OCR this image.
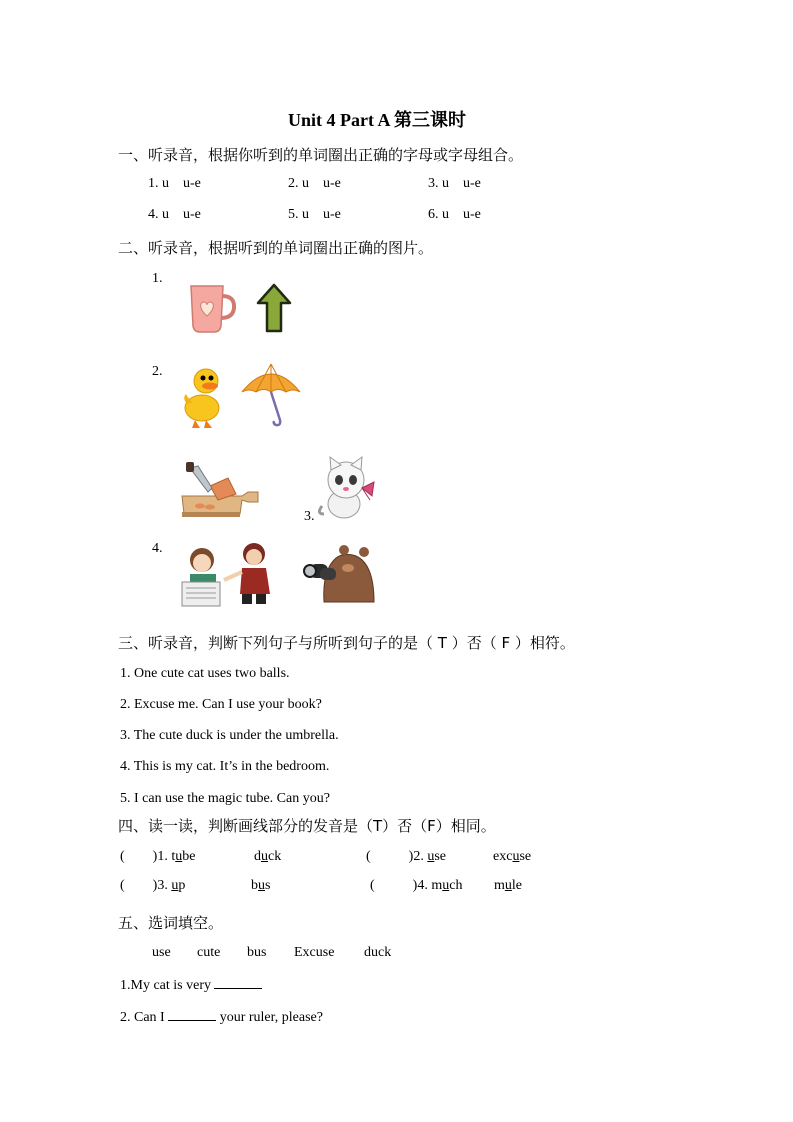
Unit 4 Part A 第三课时
一、听录音，根据你听到的单词圈出正确的字母或字母组合。
1. u u-e	2. u u-e	3. u u-e
4. u u-e	5. u u-e	6. u u-e
二、听录音，根据听到的单词圈出正确的图片。
1.
2.
3.
4.
三、听录音，判断下列句子与所听到句子的是（ T ）否（ F ）相符。
1. One cute cat uses two balls.
2. Excuse me. Can I use your book?
3. The cute duck is under the umbrella.
4. This is my cat. It’s in the bedroom.
5. I can use the magic tube. Can you?
四、读一读，判断画线部分的发音是（T）否（F）相同。
( )1. tube	duck	(	)2. use	excuse
( )3. up	bus	(	)4. much mule
五、选词填空。
use cute bus Excuse duck
1.My cat is very
2. Can I	your ruler, please?
